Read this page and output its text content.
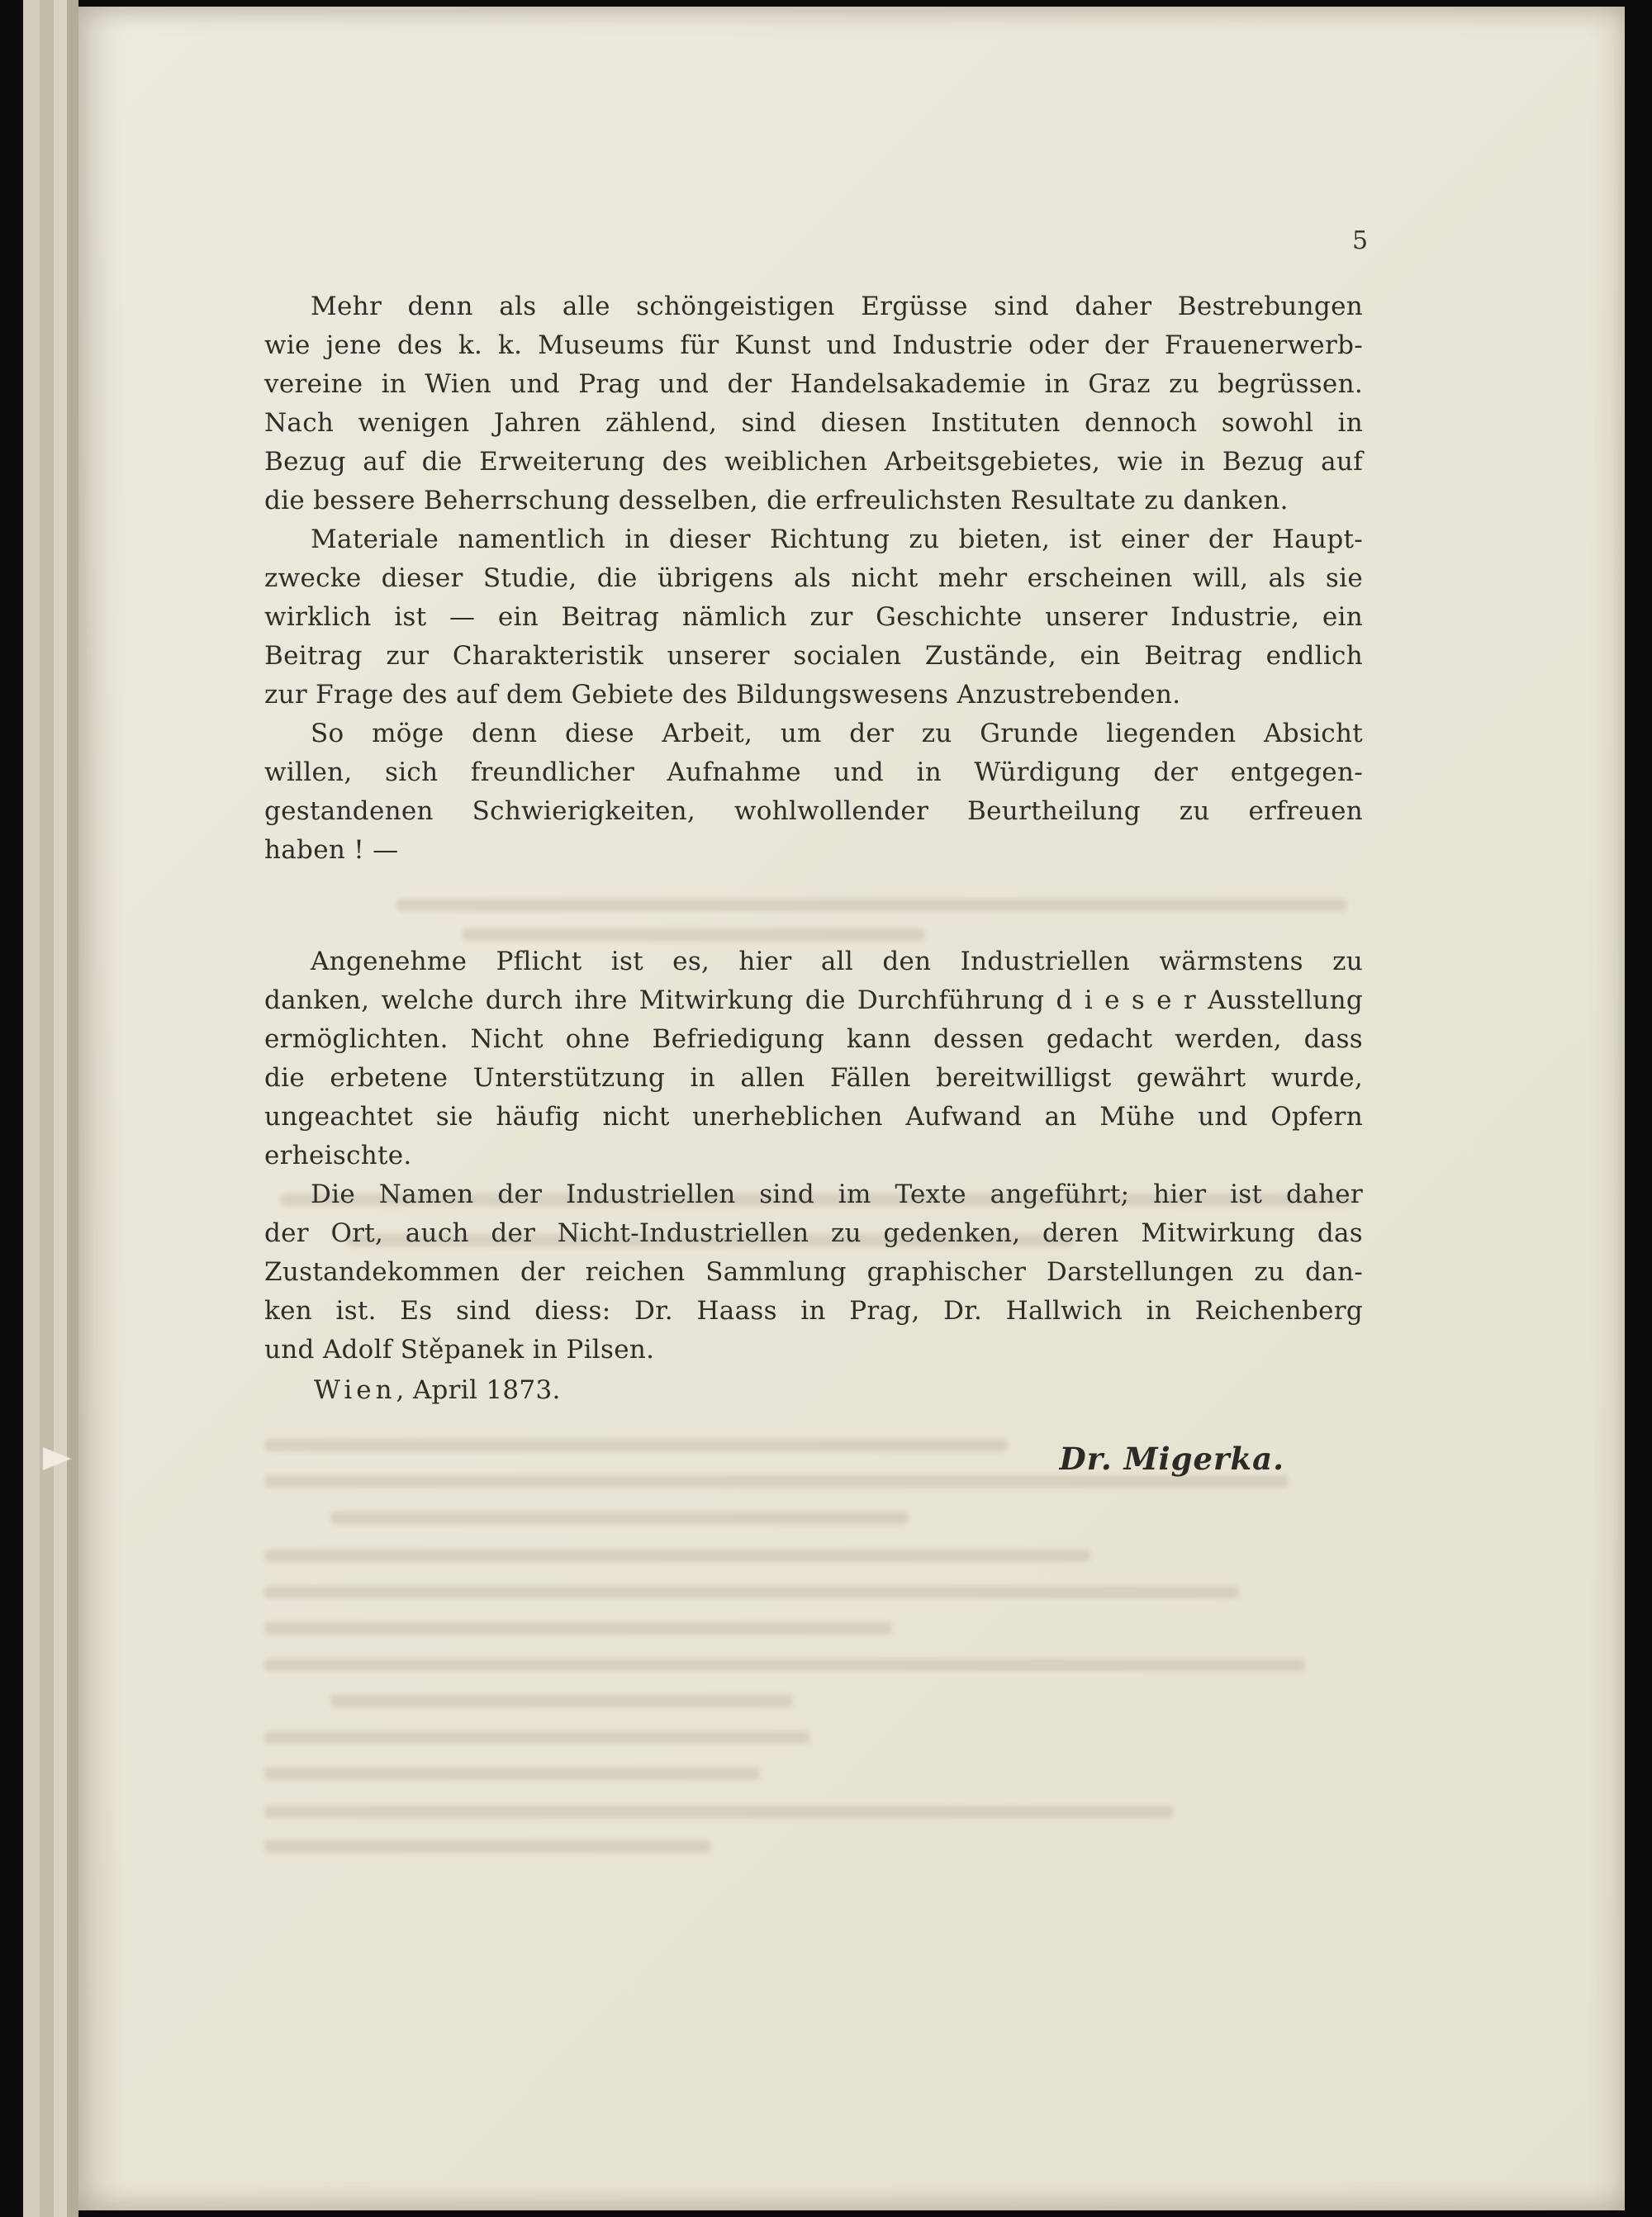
5
Mehr denn als alle schöngeistigen Ergüsse sind daher Bestrebungen
wie jene des k. k. Museums für Kunst und Industrie oder der Frauenerwerb-
vereine in Wien und Prag und der Handelsakademie in Graz zu begrüssen.
Nach wenigen Jahren zählend, sind diesen Instituten dennoch sowohl in
Bezug auf die Erweiterung des weiblichen Arbeitsgebietes, wie in Bezug auf
die bessere Beherrschung desselben, die erfreulichsten Resultate zu danken.
Materiale namentlich in dieser Richtung zu bieten, ist einer der Haupt-
zwecke dieser Studie, die übrigens als nicht mehr erscheinen will, als sie
wirklich ist — ein Beitrag nämlich zur Geschichte unserer Industrie, ein
Beitrag zur Charakteristik unserer socialen Zustände, ein Beitrag endlich
zur Frage des auf dem Gebiete des Bildungswesens Anzustrebenden.
So möge denn diese Arbeit, um der zu Grunde liegenden Absicht
willen, sich freundlicher Aufnahme und in Würdigung der entgegen-
gestandenen Schwierigkeiten, wohlwollender Beurtheilung zu erfreuen
haben ! —
Angenehme Pflicht ist es, hier all den Industriellen wärmstens zu
danken, welche durch ihre Mitwirkung die Durchführung d i e s e r Ausstellung
ermöglichten. Nicht ohne Befriedigung kann dessen gedacht werden, dass
die erbetene Unterstützung in allen Fällen bereitwilligst gewährt wurde,
ungeachtet sie häufig nicht unerheblichen Aufwand an Mühe und Opfern
erheischte.
Die Namen der Industriellen sind im Texte angeführt; hier ist daher
der Ort, auch der Nicht-Industriellen zu gedenken, deren Mitwirkung das
Zustandekommen der reichen Sammlung graphischer Darstellungen zu dan-
ken ist. Es sind diess: Dr. Haass in Prag, Dr. Hallwich in Reichenberg
und Adolf Stěpanek in Pilsen.
Wien, April 1873.
Dr. Migerka.
